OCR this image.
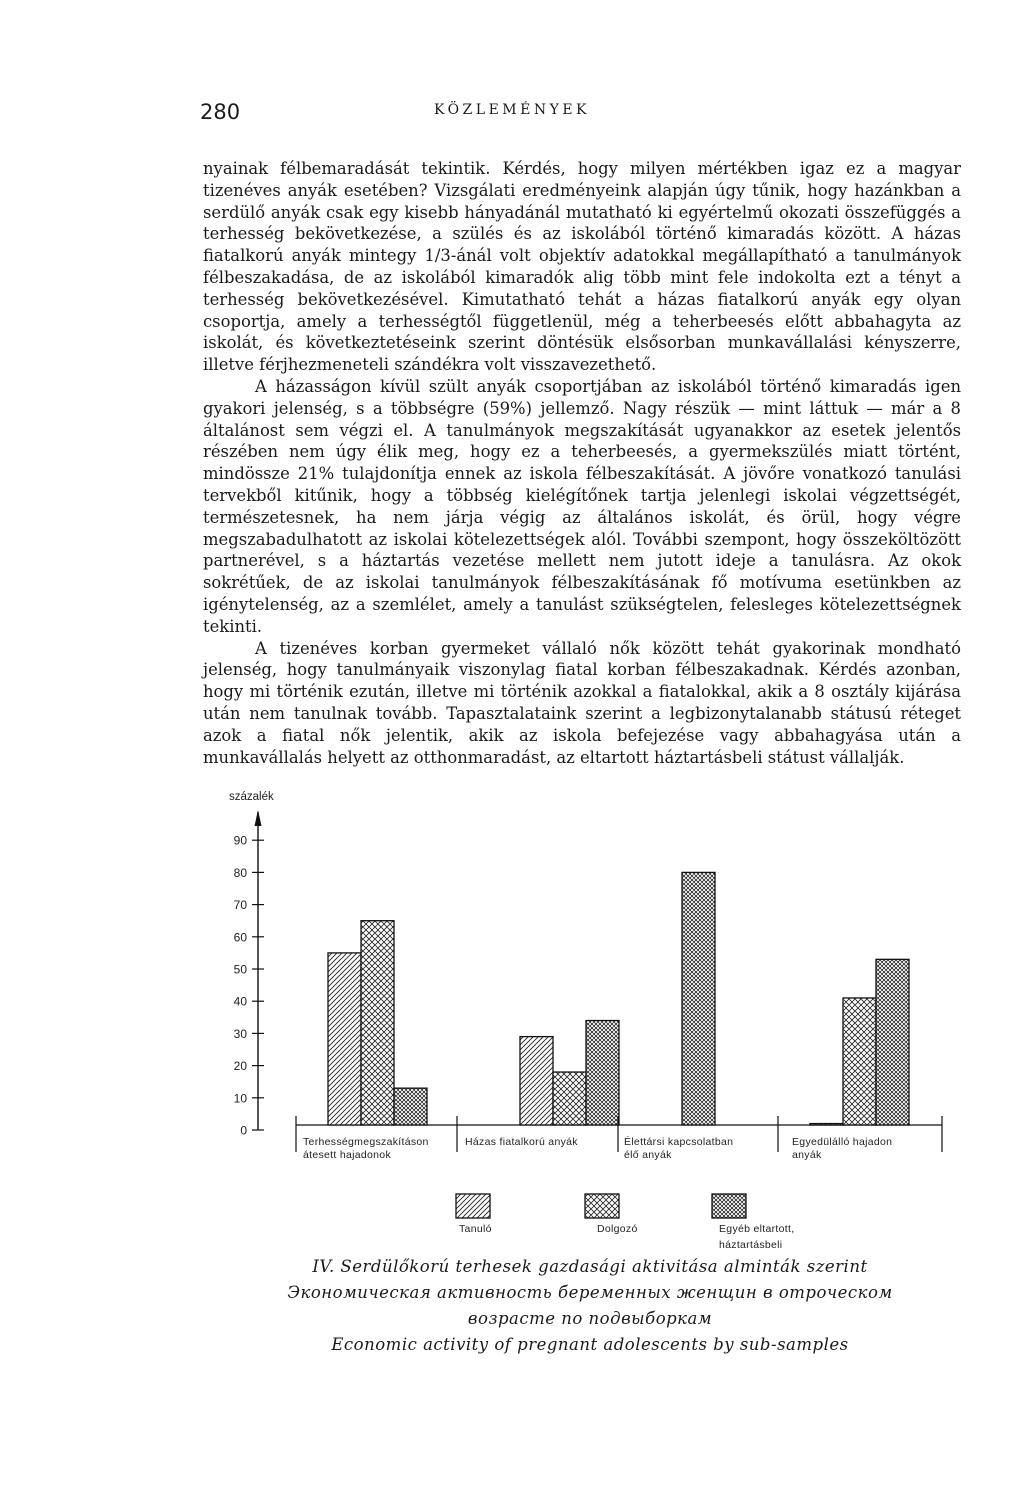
280	KÖZLEMÉNYEK

nyainak félbemaradását tekintik. Kérdés, hogy milyen mértékben igaz ez a magyar tizenéves anyák esetében? Vizsgálati eredményeink alapján úgy tűnik, hogy hazánkban a serdülő anyák csak egy kisebb hányadánál mutatható ki egyértelmű okozati összefüggés a terhesség bekövetkezése, a szülés és az iskolából történő kimaradás között. A házas fiatalkorú anyák mintegy 1/3-ánál volt objektív adatokkal megállapítható a tanulmányok félbeszakadása, de az iskolából kimaradók alig több mint fele indokolta ezt a tényt a terhesség bekövetkezésével. Kimutatható tehát a házas fiatalkorú anyák egy olyan csoportja, amely a terhességtől függetlenül, még a teherbeesés előtt abbahagyta az iskolát, és következtetéseink szerint döntésük elsősorban munkavállalási kényszerre, illetve férjhezmeneteli szándékra volt visszavezethető.

A házasságon kívül szült anyák csoportjában az iskolából történő kimaradás igen gyakori jelenség, s a többségre (59%) jellemző. Nagy részük — mint láttuk — már a 8 általánost sem végzi el. A tanulmányok megszakítását ugyanakkor az esetek jelentős részében nem úgy élik meg, hogy ez a teherbeesés, a gyermekszülés miatt történt, mindössze 21% tulajdonítja ennek az iskola félbeszakítását. A jövőre vonatkozó tanulási tervekből kitűnik, hogy a többség kielégítőnek tartja jelenlegi iskolai végzettségét, természetesnek, ha nem járja végig az általános iskolát, és örül, hogy végre megszabadulhatott az iskolai kötelezettségek alól. További szempont, hogy összeköltözött partnerével, s a háztartás vezetése mellett nem jutott ideje a tanulásra. Az okok sokrétűek, de az iskolai tanulmányok félbeszakításának fő motívuma esetünkben az igénytelenség, az a szemlélet, amely a tanulást szükségtelen, felesleges kötelezettségnek tekinti.

A tizenéves korban gyermeket vállaló nők között tehát gyakorinak mondható jelenség, hogy tanulmányaik viszonylag fiatal korban félbeszakadnak. Kérdés azonban, hogy mi történik ezután, illetve mi történik azokkal a fiatalokkal, akik a 8 osztály kijárása után nem tanulnak tovább. Tapasztalataink szerint a legbizonytalanabb státusú réteget azok a fiatal nők jelentik, akik az iskola befejezése vagy abbahagyása után a munkavállalás helyett az otthonmaradást, az eltartott háztartásbeli státust vállalják.

százalék
0
10
20
30
40
50
60
70
80
90
Terhességmegszakításon
átesett hajadonok
Házas fiatalkorú anyák	Élettársi kapcsolatban
élő anyák
Egyedülálló hajadon
anyák
Tanuló	Dolgozó	Egyéb eltartott,
háztartásbeli
IV. Serdülőkorú terhesek gazdasági aktivitása alminták szerint
Экономическая активность беременных женщин в отроческом
возрасте по подвыборкам
Economic activity of pregnant adolescents by sub-samples
